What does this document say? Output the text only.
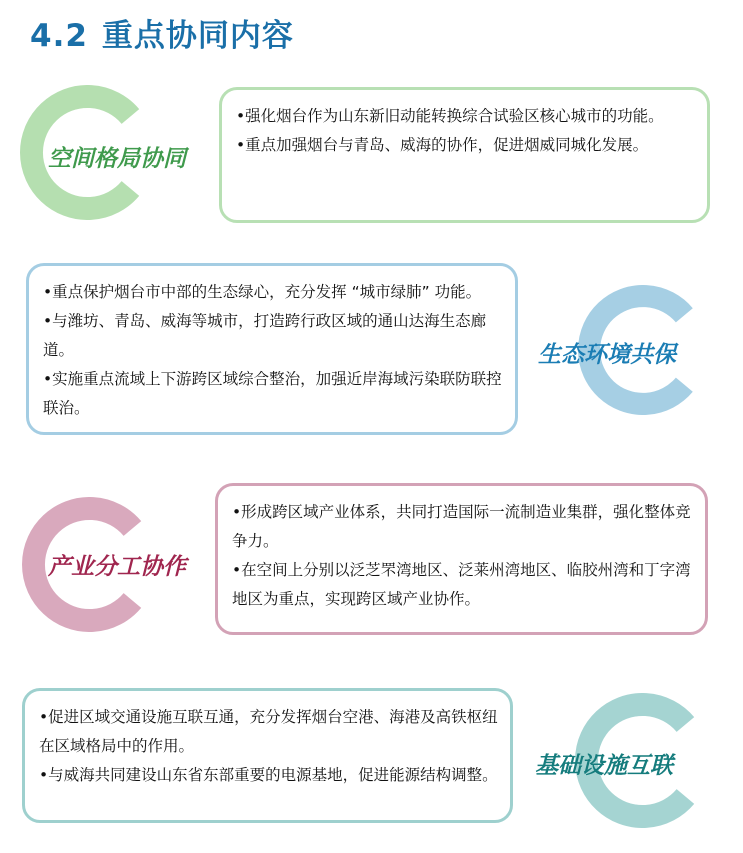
4.2 重点协同内容
空间格局协同

• 强化烟台作为山东新旧动能转换综合试验区核心城市的功能。

• 重点加强烟台与青岛、威海的协作，促进烟威同城化发展。

• 重点保护烟台市中部的生态绿心，充分发挥 “城市绿肺” 功能。

• 与潍坊、青岛、威海等城市，打造跨行政区域的通山达海生态廊道。

• 实施重点流域上下游跨区域综合整治，加强近岸海域污染联防联控联治。

生态环境共保
产业分工协作

• 形成跨区域产业体系，共同打造国际一流制造业集群，强化整体竞争力。

• 在空间上分别以泛芝罘湾地区、泛莱州湾地区、临胶州湾和丁字湾地区为重点，实现跨区域产业协作。

• 促进区域交通设施互联互通，充分发挥烟台空港、海港及高铁枢纽在区域格局中的作用。

• 与威海共同建设山东省东部重要的电源基地，促进能源结构调整。 基础设施互联
